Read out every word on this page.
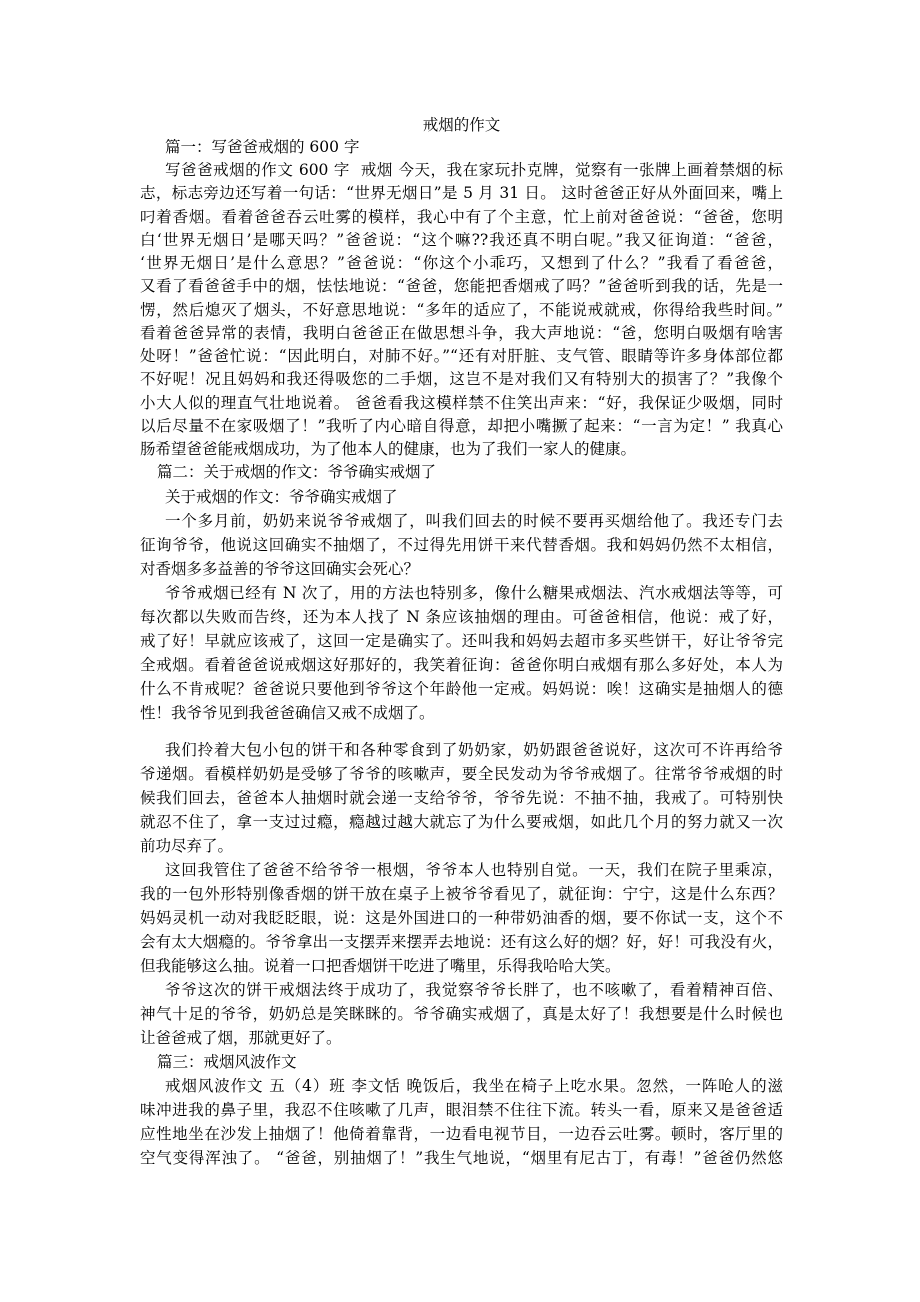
戒烟的作文
篇一：写爸爸戒烟的 600 字
写爸爸戒烟的作文 600 字  戒烟 今天，我在家玩扑克牌，觉察有一张牌上画着禁烟的标
志，标志旁边还写着一句话：“世界无烟日”是 5 月 31 日。 这时爸爸正好从外面回来，嘴上
叼着香烟。看着爸爸吞云吐雾的模样，我心中有了个主意，忙上前对爸爸说：“爸爸，您明
白‘世界无烟日’是哪天吗？”爸爸说：“这个嘛??我还真不明白呢。”我又征询道：“爸爸，
‘世界无烟日’是什么意思？”爸爸说：“你这个小乖巧，又想到了什么？”我看了看爸爸，
又看了看爸爸手中的烟，怯怯地说：“爸爸，您能把香烟戒了吗？”爸爸听到我的话，先是一
愣，然后熄灭了烟头，不好意思地说：“多年的适应了，不能说戒就戒，你得给我些时间。”
看着爸爸异常的表情，我明白爸爸正在做思想斗争，我大声地说：“爸，您明白吸烟有啥害
处呀！”爸爸忙说：“因此明白，对肺不好。”“还有对肝脏、支气管、眼睛等许多身体部位都
不好呢！况且妈妈和我还得吸您的二手烟，这岂不是对我们又有特别大的损害了？”我像个
小大人似的理直气壮地说着。 爸爸看我这模样禁不住笑出声来：“好，我保证少吸烟，同时
以后尽量不在家吸烟了！”我听了内心暗自得意，却把小嘴撅了起来：“一言为定！” 我真心
肠希望爸爸能戒烟成功，为了他本人的健康，也为了我们一家人的健康。
篇二：关于戒烟的作文：爷爷确实戒烟了
关于戒烟的作文：爷爷确实戒烟了
一个多月前，奶奶来说爷爷戒烟了，叫我们回去的时候不要再买烟给他了。我还专门去
征询爷爷，他说这回确实不抽烟了，不过得先用饼干来代替香烟。我和妈妈仍然不太相信，
对香烟多多益善的爷爷这回确实会死心？
爷爷戒烟已经有 N 次了，用的方法也特别多，像什么糖果戒烟法、汽水戒烟法等等，可
每次都以失败而告终，还为本人找了 N 条应该抽烟的理由。可爸爸相信，他说：戒了好，
戒了好！早就应该戒了，这回一定是确实了。还叫我和妈妈去超市多买些饼干，好让爷爷完
全戒烟。看着爸爸说戒烟这好那好的，我笑着征询：爸爸你明白戒烟有那么多好处，本人为
什么不肯戒呢？爸爸说只要他到爷爷这个年龄他一定戒。妈妈说：唉！这确实是抽烟人的德
性！我爷爷见到我爸爸确信又戒不成烟了。
我们拎着大包小包的饼干和各种零食到了奶奶家，奶奶跟爸爸说好，这次可不许再给爷
爷递烟。看模样奶奶是受够了爷爷的咳嗽声，要全民发动为爷爷戒烟了。往常爷爷戒烟的时
候我们回去，爸爸本人抽烟时就会递一支给爷爷，爷爷先说：不抽不抽，我戒了。可特别快
就忍不住了，拿一支过过瘾，瘾越过越大就忘了为什么要戒烟，如此几个月的努力就又一次
前功尽弃了。
这回我管住了爸爸不给爷爷一根烟，爷爷本人也特别自觉。一天，我们在院子里乘凉，
我的一包外形特别像香烟的饼干放在桌子上被爷爷看见了，就征询：宁宁，这是什么东西？
妈妈灵机一动对我眨眨眼，说：这是外国进口的一种带奶油香的烟，要不你试一支，这个不
会有太大烟瘾的。爷爷拿出一支摆弄来摆弄去地说：还有这么好的烟？好，好！可我没有火，
但我能够这么抽。说着一口把香烟饼干吃进了嘴里，乐得我哈哈大笑。
爷爷这次的饼干戒烟法终于成功了，我觉察爷爷长胖了，也不咳嗽了，看着精神百倍、
神气十足的爷爷，奶奶总是笑眯眯的。爷爷确实戒烟了，真是太好了！我想要是什么时候也
让爸爸戒了烟，那就更好了。
篇三：戒烟风波作文
戒烟风波作文 五（4）班 李文恬 晚饭后，我坐在椅子上吃水果。忽然，一阵呛人的滋
味冲进我的鼻子里，我忍不住咳嗽了几声，眼泪禁不住往下流。转头一看，原来又是爸爸适
应性地坐在沙发上抽烟了！他倚着靠背，一边看电视节目，一边吞云吐雾。顿时，客厅里的
空气变得浑浊了。 “爸爸，别抽烟了！”我生气地说，“烟里有尼古丁，有毒！”爸爸仍然悠
